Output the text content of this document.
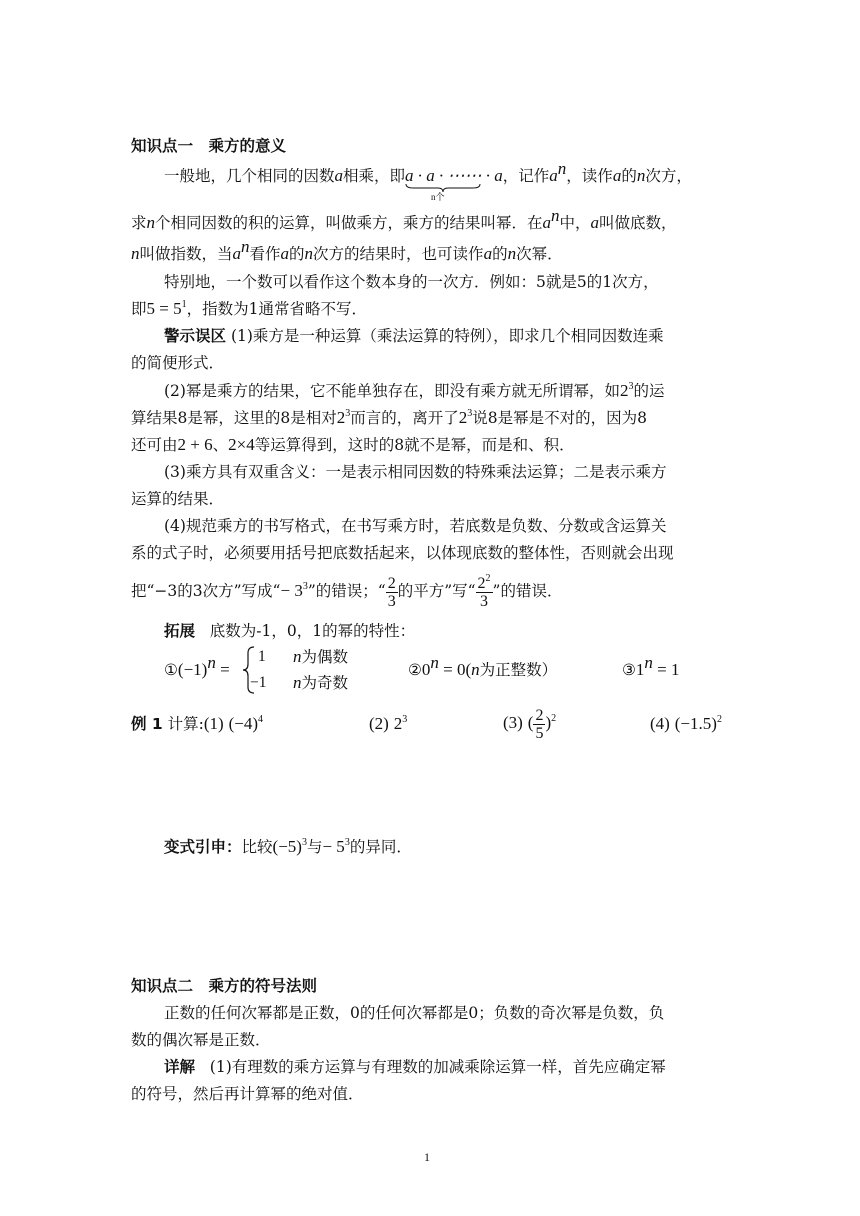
知识点一　乘方的意义
一般地，几个相同的因数a相乘，即a · a · ⋯⋯ · a
n个
，记作$a^n$，读作a的n次方，
求n个相同因数的积的运算，叫做乘方，乘方的结果叫幂．在$a^n$中，a叫做底数，
n叫做指数，当$a^n$看作a的n次方的结果时，也可读作a的n次幂．
特别地，一个数可以看作这个数本身的一次方．例如：5就是5的1次方，
即$5 = 5^1$，指数为1通常省略不写．
警示误区 (1)乘方是一种运算（乘法运算的特例），即求几个相同因数连乘
的简便形式．
(2)幂是乘方的结果，它不能单独存在，即没有乘方就无所谓幂，如$2^3$的运
算结果8是幂，这里的8是相对$2^3$而言的，离开了$2^3$说8是幂是不对的，因为8
还可由2 + 6、2×4等运算得到，这时的8就不是幂，而是和、积．
(3)乘方具有双重含义：一是表示相同因数的特殊乘法运算；二是表示乘方
运算的结果．
(4)规范乘方的书写格式，在书写乘方时，若底数是负数、分数或含运算关
系的式子时，必须要用括号把底数括起来，以体现底数的整体性，否则就会出现
把“−3的3次方”写成“− $3^3$”的错误；“ $\frac{2}{3}$ 的平方”写“ $\frac{2^2}{3}$ ”的错误．
拓展 底数为-1，0，1的幂的特性：
$①(-1)^n$ =
1 n为偶数
−1 n为奇数
$②0^n = 0(n$为正整数）	$③1^n = 1$
例 1 计算:(1) $(-4)^4$	(2) $2^3$	(3) ( $\frac{2}{5} )^2$	(4) $(-1.5)^2$
变式引申：比较$(-5)^3$与− $5^3$的异同．
知识点二　乘方的符号法则
正数的任何次幂都是正数，0的任何次幂都是0；负数的奇次幂是负数，负
数的偶次幂是正数．
详解 (1)有理数的乘方运算与有理数的加减乘除运算一样，首先应确定幂
的符号，然后再计算幂的绝对值．
1
